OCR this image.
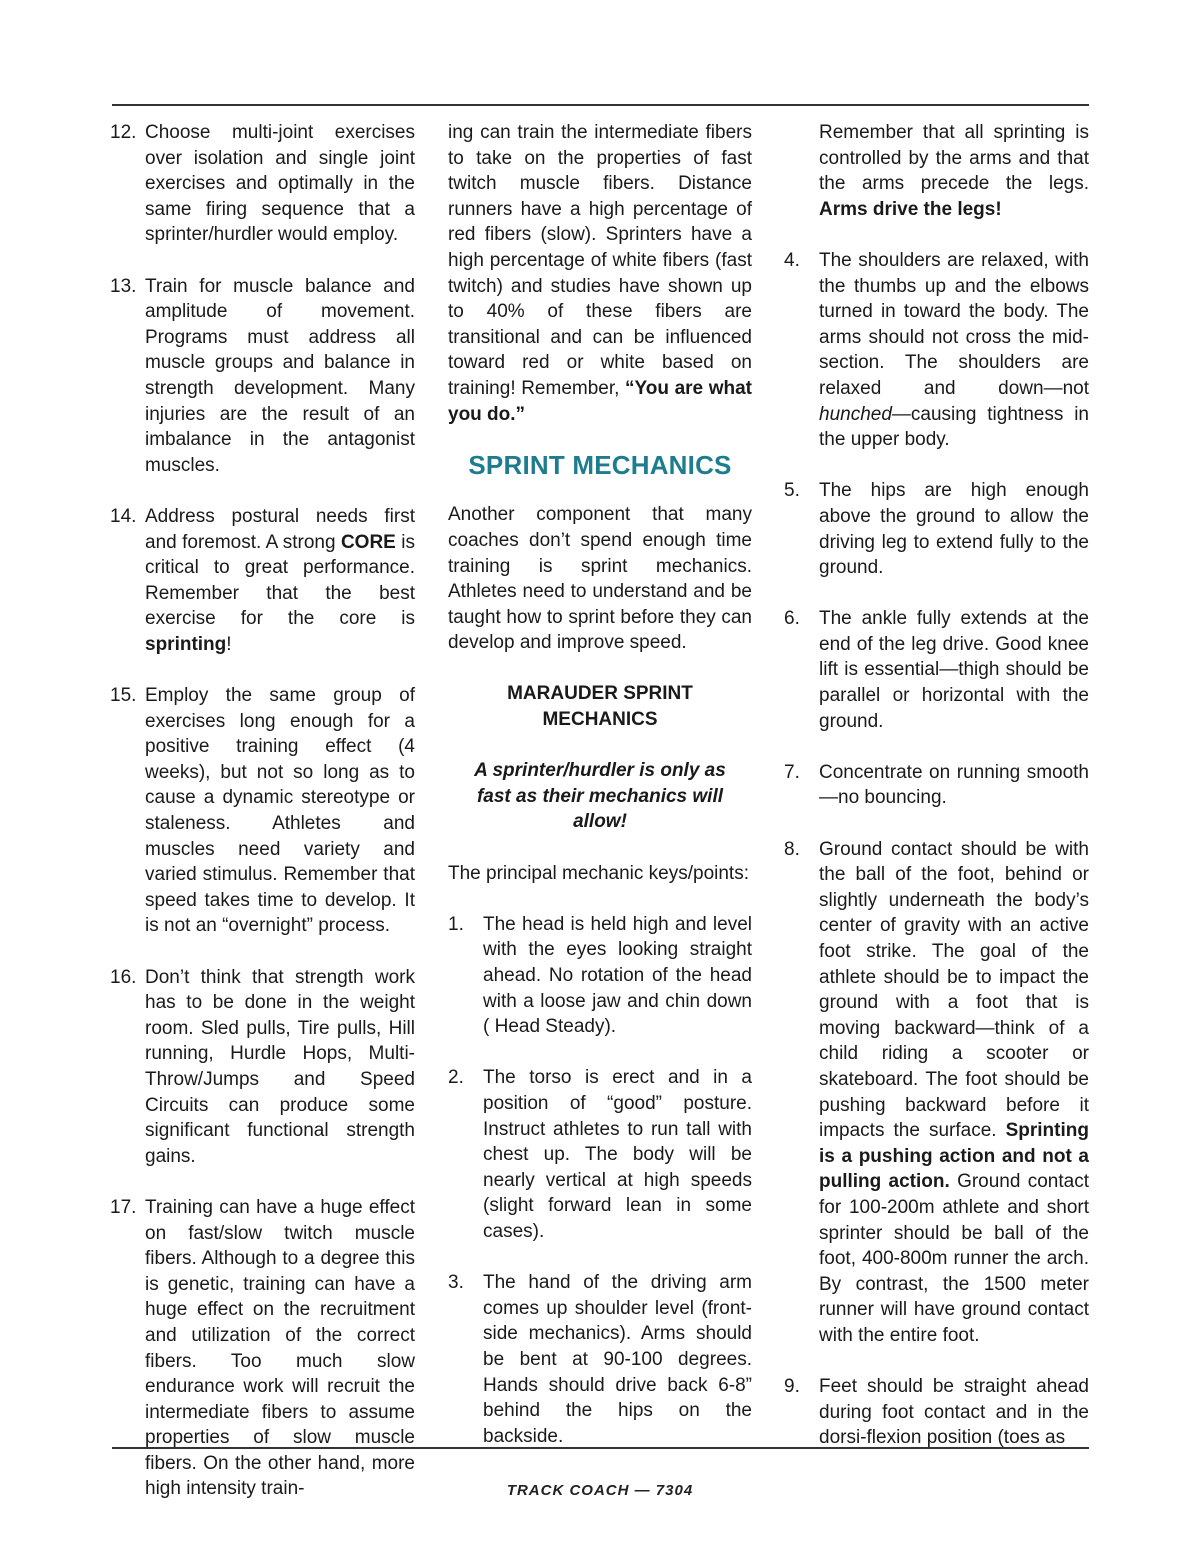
12. Choose multi-joint exercises over isolation and single joint exercises and optimally in the same firing sequence that a sprinter/hurdler would employ.
13. Train for muscle balance and amplitude of movement. Programs must address all muscle groups and balance in strength development. Many injuries are the result of an imbalance in the antagonist muscles.
14. Address postural needs first and foremost. A strong CORE is critical to great performance. Remember that the best exercise for the core is sprinting!
15. Employ the same group of exercises long enough for a positive training effect (4 weeks), but not so long as to cause a dynamic stereotype or staleness. Athletes and muscles need variety and varied stimulus. Remember that speed takes time to develop. It is not an “overnight” process.
16. Don’t think that strength work has to be done in the weight room. Sled pulls, Tire pulls, Hill running, Hurdle Hops, Multi-Throw/Jumps and Speed Circuits can produce some significant functional strength gains.
17. Training can have a huge effect on fast/slow twitch muscle fibers. Although to a degree this is genetic, training can have a huge effect on the recruitment and utilization of the correct fibers. Too much slow endurance work will recruit the intermediate fibers to assume properties of slow muscle fibers. On the other hand, more high intensity train-
ing can train the intermediate fibers to take on the properties of fast twitch muscle fibers. Distance runners have a high percentage of red fibers (slow). Sprinters have a high percentage of white fibers (fast twitch) and studies have shown up to 40% of these fibers are transitional and can be influenced toward red or white based on training! Remember, “You are what you do.”
SPRINT MECHANICS
Another component that many coaches don’t spend enough time training is sprint mechanics. Athletes need to understand and be taught how to sprint before they can develop and improve speed.
MARAUDER SPRINT
MECHANICS
A sprinter/hurdler is only as fast as their mechanics will allow!
The principal mechanic keys/points:
1.	The head is held high and level with the eyes looking straight ahead. No rotation of the head with a loose jaw and chin down ( Head Steady).
2.	The torso is erect and in a position of “good” posture. Instruct athletes to run tall with chest up. The body will be nearly vertical at high speeds (slight forward lean in some cases).
3.	The hand of the driving arm comes up shoulder level (front-side mechanics). Arms should be bent at 90-100 degrees. Hands should drive back 6-8” behind the hips on the backside.
Remember that all sprinting is controlled by the arms and that the arms precede the legs. Arms drive the legs!
4.	The shoulders are relaxed, with the thumbs up and the elbows turned in toward the body. The arms should not cross the mid-section. The shoulders are relaxed and down—not hunched—causing tightness in the upper body.
5.	The hips are high enough above the ground to allow the driving leg to extend fully to the ground.
6.	The ankle fully extends at the end of the leg drive. Good knee lift is essential—thigh should be parallel or horizontal with the ground.
7.	Concentrate on running smooth—no bouncing.
8.	Ground contact should be with the ball of the foot, behind or slightly underneath the body’s center of gravity with an active foot strike. The goal of the athlete should be to impact the ground with a foot that is moving backward—think of a child riding a scooter or skateboard. The foot should be pushing backward before it impacts the surface. Sprinting is a pushing action and not a pulling action. Ground contact for 100-200m athlete and short sprinter should be ball of the foot, 400-800m runner the arch. By contrast, the 1500 meter runner will have ground contact with the entire foot.
9.	Feet should be straight ahead during foot contact and in the dorsi-flexion position (toes as
TRACK COACH — 7304
